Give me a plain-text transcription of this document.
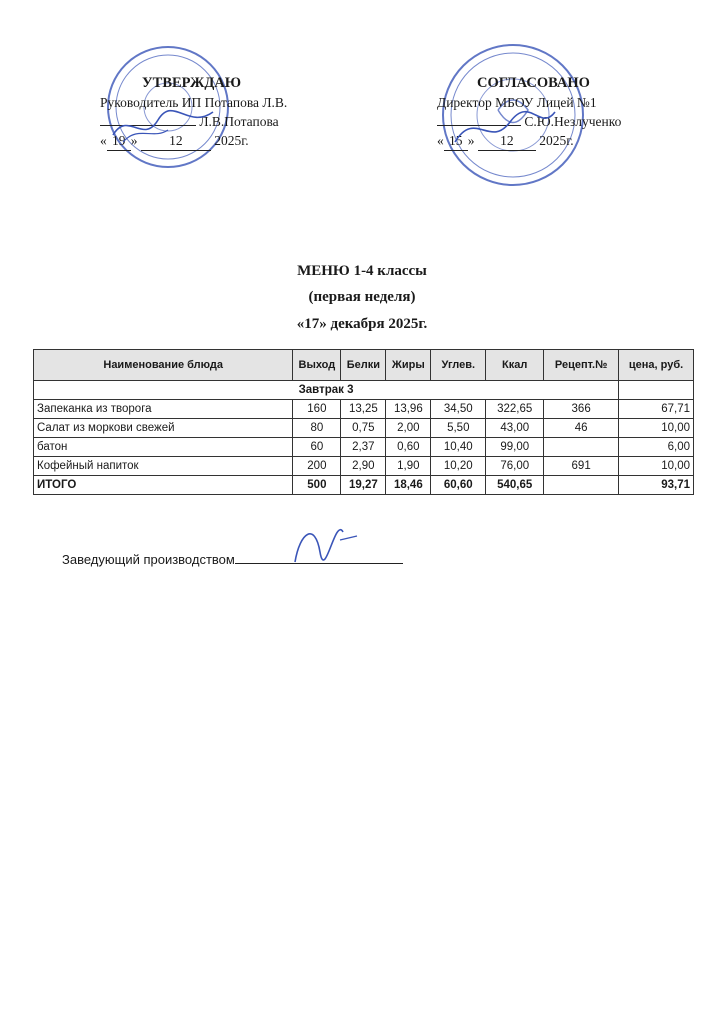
УТВЕРЖДАЮ
Руководитель ИП Потапова Л.В.
Л.В.Потапова
« 19 » 12 2025г.
СОГЛАСОВАНО
Директор МБОУ Лицей №1
С.Ю.Незлученко
« 15 » 12 2025г.
МЕНЮ 1-4 классы
(первая неделя)
«17» декабря 2025г.
Наименование блюда	Выход	Белки	Жиры	Углев.	Ккал	Рецепт.№	цена, руб.
Завтрак 3							
Запеканка из творога	160	13,25	13,96	34,50	322,65	366	67,71
Салат из моркови свежей	80	0,75	2,00	5,50	43,00	46	10,00
батон	60	2,37	0,60	10,40	99,00		6,00
Кофейный напиток	200	2,90	1,90	10,20	76,00	691	10,00
ИТОГО	500	19,27	18,46	60,60	540,65		93,71
Заведующий производством
